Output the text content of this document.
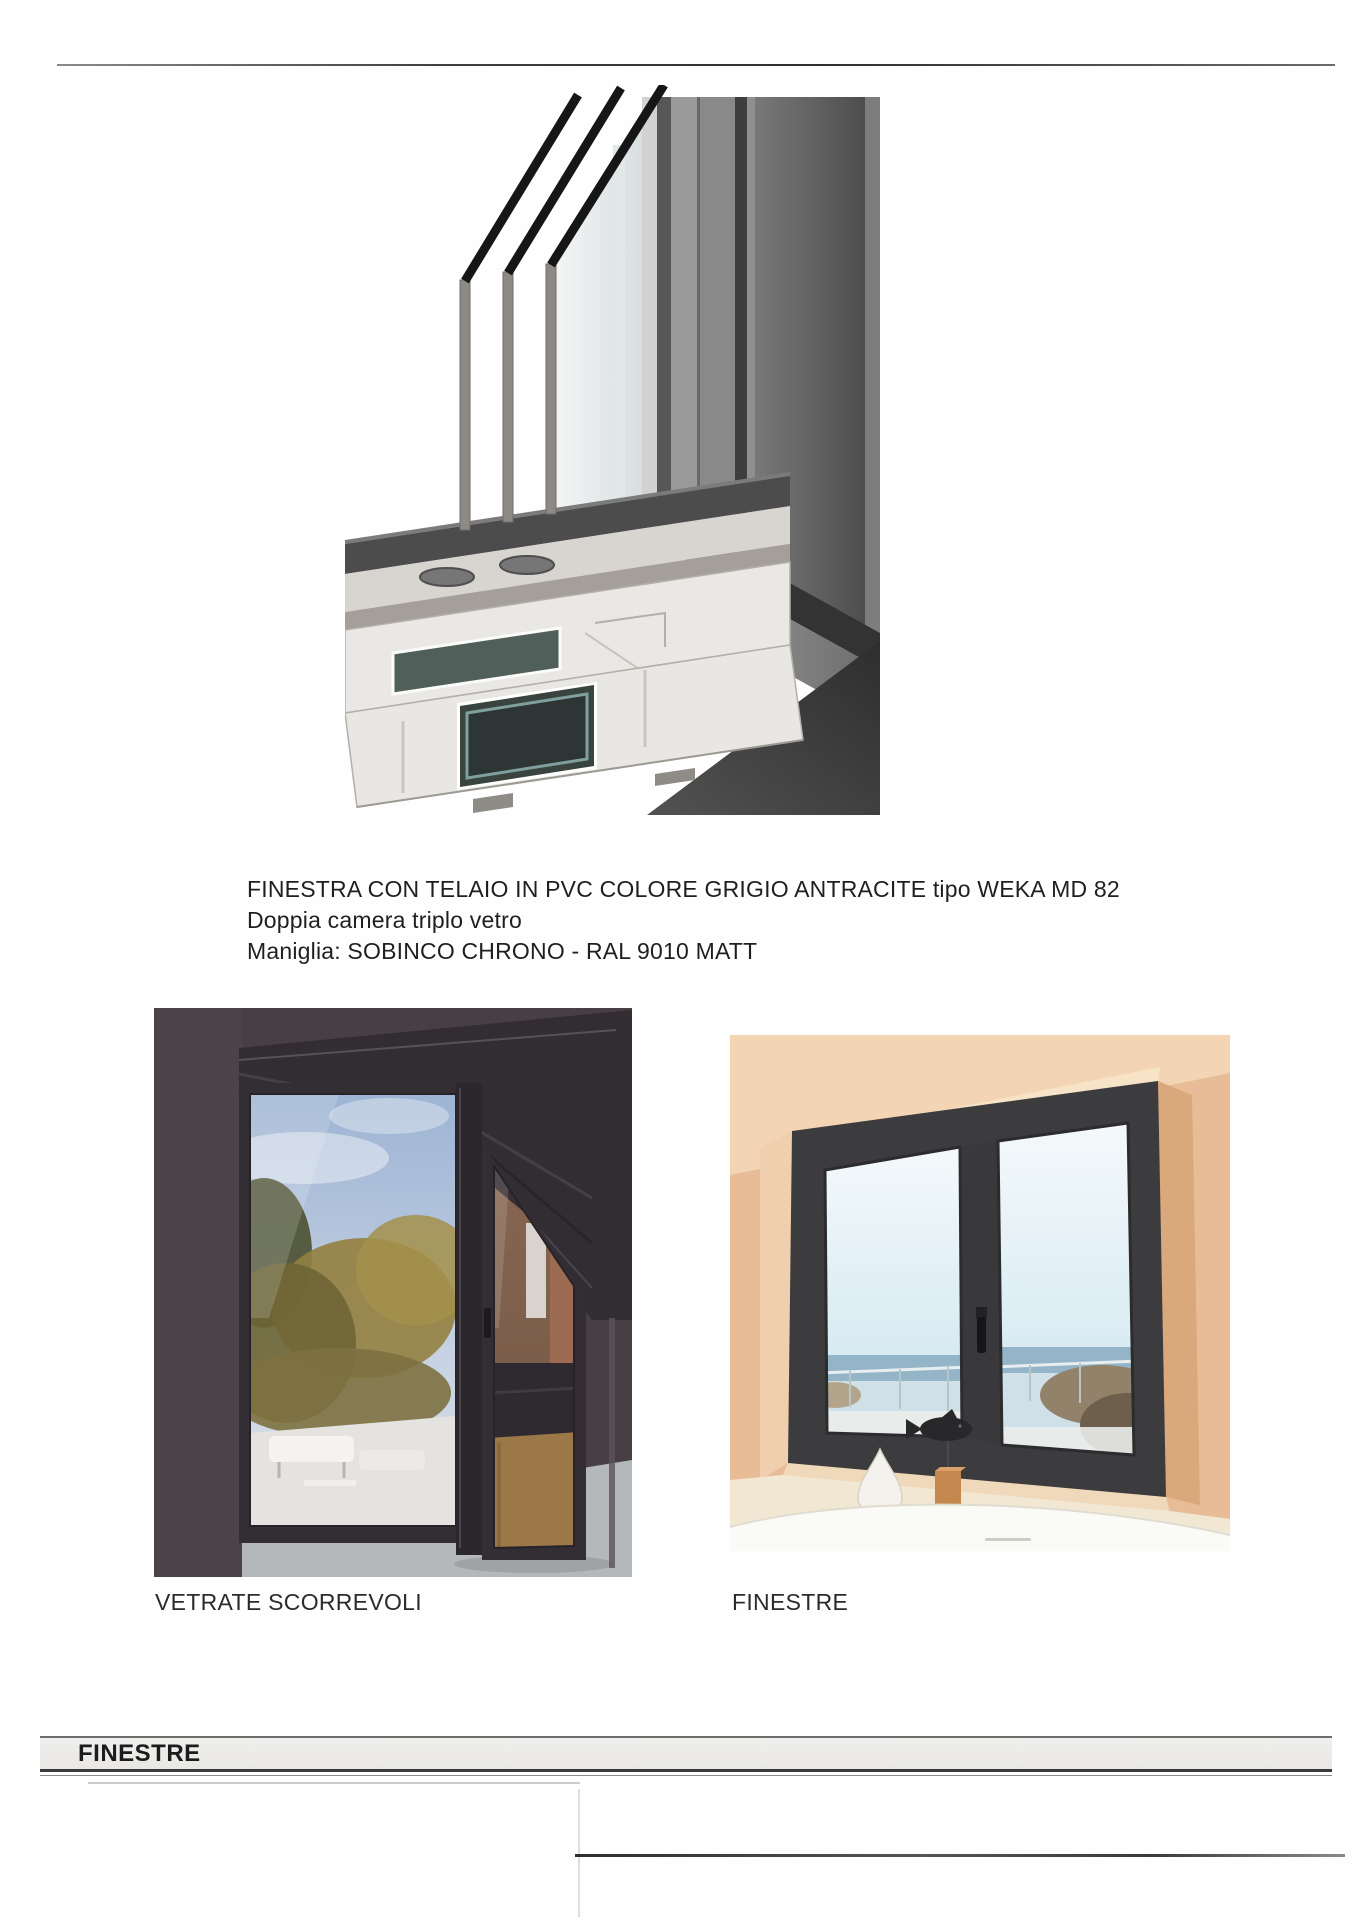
FINESTRA CON TELAIO IN PVC COLORE GRIGIO ANTRACITE tipo WEKA MD 82
Doppia camera triplo vetro
Maniglia: SOBINCO CHRONO - RAL 9010 MATT
VETRATE SCORREVOLI	FINESTRE
FINESTRE
